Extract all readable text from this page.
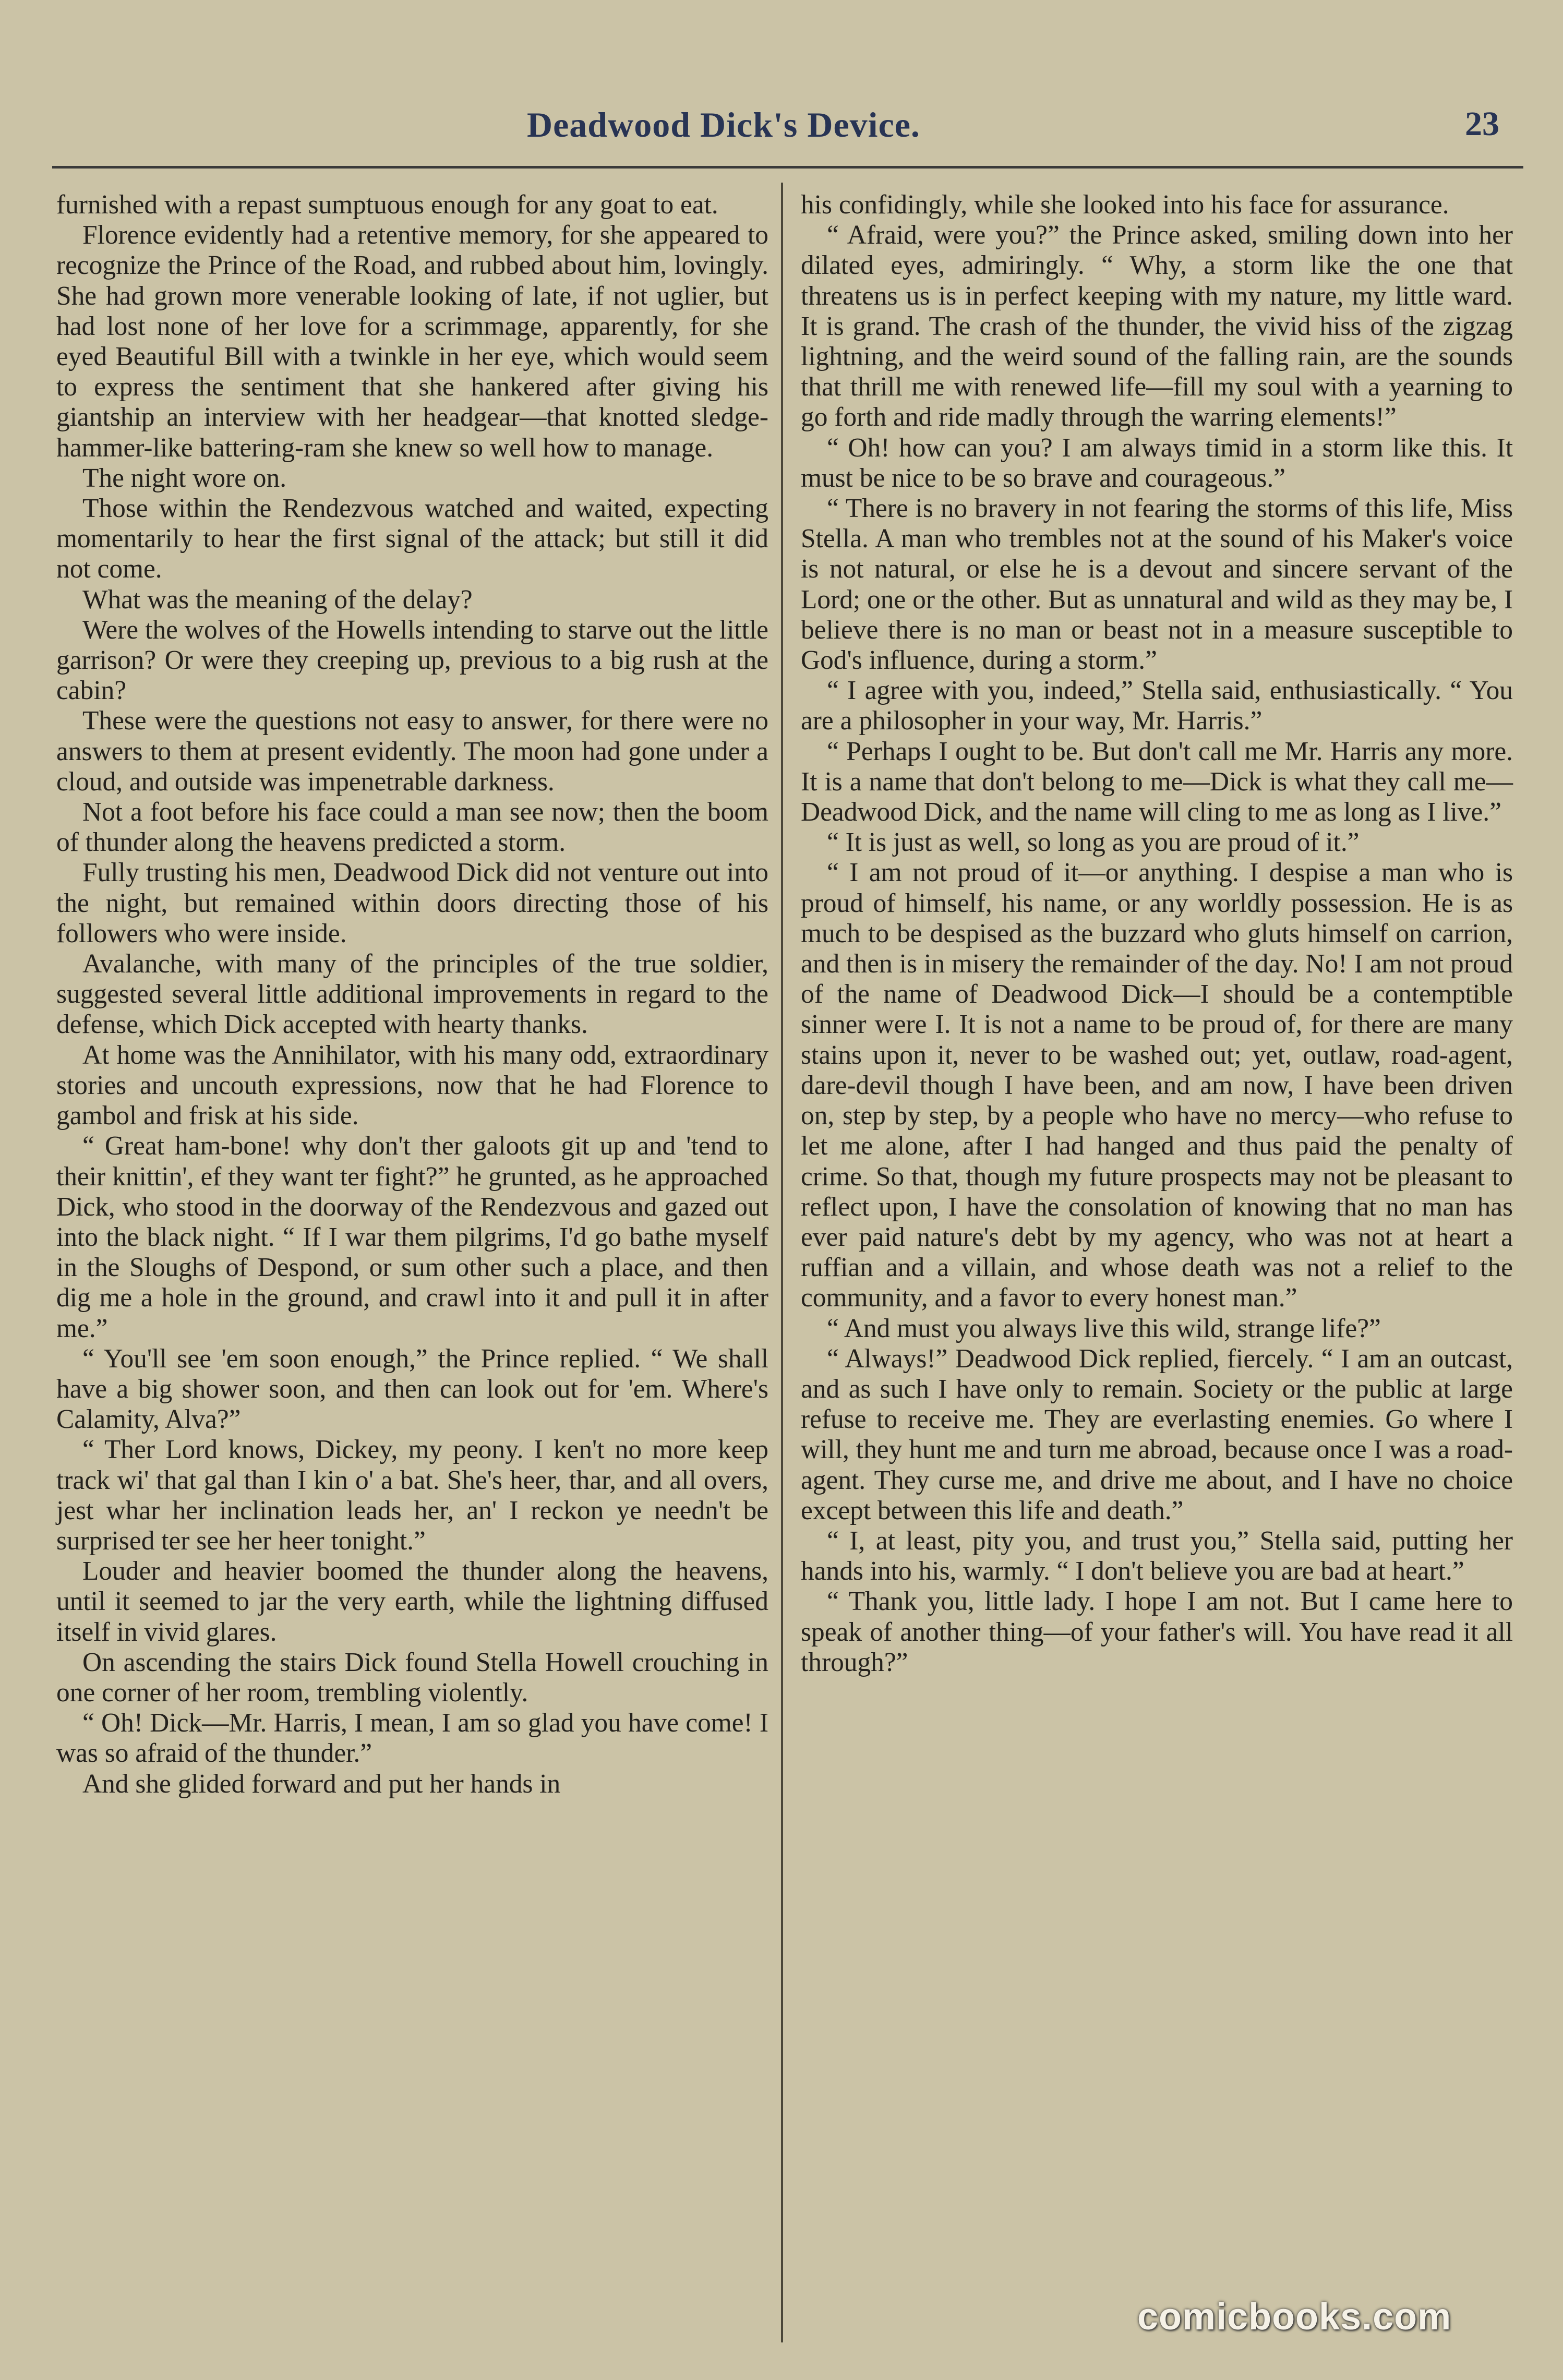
Deadwood Dick's Device.	23

furnished with a repast sumptuous enough for any goat to eat.

Florence evidently had a retentive memory, for she appeared to recognize the Prince of the Road, and rubbed about him, lovingly. She had grown more venerable looking of late, if not uglier, but had lost none of her love for a scrimmage, apparently, for she eyed Beautiful Bill with a twinkle in her eye, which would seem to express the sentiment that she hankered after giving his giantship an interview with her headgear—that knotted sledge-hammer-like battering-ram she knew so well how to manage.

The night wore on.

Those within the Rendezvous watched and waited, expecting momentarily to hear the first signal of the attack; but still it did not come.

What was the meaning of the delay?

Were the wolves of the Howells intending to starve out the little garrison? Or were they creeping up, previous to a big rush at the cabin?

These were the questions not easy to answer, for there were no answers to them at present evidently. The moon had gone under a cloud, and outside was impenetrable darkness.

Not a foot before his face could a man see now; then the boom of thunder along the heavens predicted a storm.

Fully trusting his men, Deadwood Dick did not venture out into the night, but remained within doors directing those of his followers who were inside.

Avalanche, with many of the principles of the true soldier, suggested several little additional improvements in regard to the defense, which Dick accepted with hearty thanks.

At home was the Annihilator, with his many odd, extraordinary stories and uncouth expressions, now that he had Florence to gambol and frisk at his side.

“ Great ham-bone! why don't ther galoots git up and 'tend to their knittin', ef they want ter fight?” he grunted, as he approached Dick, who stood in the doorway of the Rendezvous and gazed out into the black night. “ If I war them pilgrims, I'd go bathe myself in the Sloughs of Despond, or sum other such a place, and then dig me a hole in the ground, and crawl into it and pull it in after me.”

“ You'll see 'em soon enough,” the Prince replied. “ We shall have a big shower soon, and then can look out for 'em. Where's Calamity, Alva?”

“ Ther Lord knows, Dickey, my peony. I ken't no more keep track wi' that gal than I kin o' a bat. She's heer, thar, and all overs, jest whar her inclination leads her, an' I reckon ye needn't be surprised ter see her heer tonight.”

Louder and heavier boomed the thunder along the heavens, until it seemed to jar the very earth, while the lightning diffused itself in vivid glares.

On ascending the stairs Dick found Stella Howell crouching in one corner of her room, trembling violently.

“ Oh! Dick—Mr. Harris, I mean, I am so glad you have come! I was so afraid of the thunder.”

And she glided forward and put her hands in

his confidingly, while she looked into his face for assurance.

“ Afraid, were you?” the Prince asked, smiling down into her dilated eyes, admiringly. “ Why, a storm like the one that threatens us is in perfect keeping with my nature, my little ward. It is grand. The crash of the thunder, the vivid hiss of the zigzag lightning, and the weird sound of the falling rain, are the sounds that thrill me with renewed life—fill my soul with a yearning to go forth and ride madly through the warring elements!”

“ Oh! how can you? I am always timid in a storm like this. It must be nice to be so brave and courageous.”

“ There is no bravery in not fearing the storms of this life, Miss Stella. A man who trembles not at the sound of his Maker's voice is not natural, or else he is a devout and sincere servant of the Lord; one or the other. But as unnatural and wild as they may be, I believe there is no man or beast not in a measure susceptible to God's influence, during a storm.”

“ I agree with you, indeed,” Stella said, enthusiastically. “ You are a philosopher in your way, Mr. Harris.”

“ Perhaps I ought to be. But don't call me Mr. Harris any more. It is a name that don't belong to me—Dick is what they call me—Deadwood Dick, and the name will cling to me as long as I live.”

“ It is just as well, so long as you are proud of it.”

“ I am not proud of it—or anything. I despise a man who is proud of himself, his name, or any worldly possession. He is as much to be despised as the buzzard who gluts himself on carrion, and then is in misery the remainder of the day. No! I am not proud of the name of Deadwood Dick—I should be a contemptible sinner were I. It is not a name to be proud of, for there are many stains upon it, never to be washed out; yet, outlaw, road-agent, dare-devil though I have been, and am now, I have been driven on, step by step, by a people who have no mercy—who refuse to let me alone, after I had hanged and thus paid the penalty of crime. So that, though my future prospects may not be pleasant to reflect upon, I have the consolation of knowing that no man has ever paid nature's debt by my agency, who was not at heart a ruffian and a villain, and whose death was not a relief to the community, and a favor to every honest man.”

“ And must you always live this wild, strange life?”

“ Always!” Deadwood Dick replied, fiercely. “ I am an outcast, and as such I have only to remain. Society or the public at large refuse to receive me. They are everlasting enemies. Go where I will, they hunt me and turn me abroad, because once I was a road-agent. They curse me, and drive me about, and I have no choice except between this life and death.”

“ I, at least, pity you, and trust you,” Stella said, putting her hands into his, warmly. “ I don't believe you are bad at heart.”

“ Thank you, little lady. I hope I am not. But I came here to speak of another thing—of your father's will. You have read it all through?”

comicbooks.com
